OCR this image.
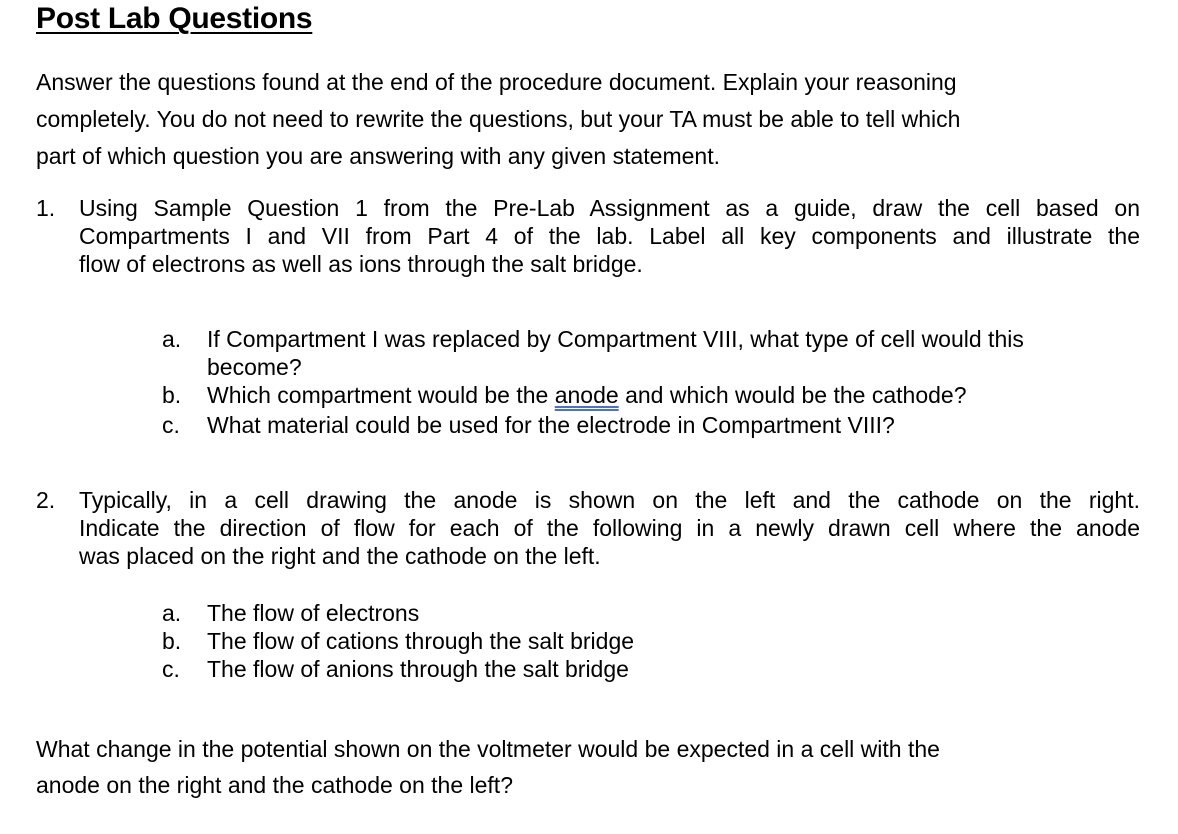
Post Lab Questions
Answer the questions found at the end of the procedure document. Explain your reasoning
completely. You do not need to rewrite the questions, but your TA must be able to tell which
part of which question you are answering with any given statement.
1. Using Sample Question 1 from the Pre-Lab Assignment as a guide, draw the cell based on
Compartments I and VII from Part 4 of the lab. Label all key components and illustrate the
flow of electrons as well as ions through the salt bridge.
a. If Compartment I was replaced by Compartment VIII, what type of cell would this
become?
b. Which compartment would be the anode and which would be the cathode?
c. What material could be used for the electrode in Compartment VIII?
2. Typically, in a cell drawing the anode is shown on the left and the cathode on the right.
Indicate the direction of flow for each of the following in a newly drawn cell where the anode
was placed on the right and the cathode on the left.
a. The flow of electrons
b. The flow of cations through the salt bridge
c. The flow of anions through the salt bridge
What change in the potential shown on the voltmeter would be expected in a cell with the
anode on the right and the cathode on the left?
